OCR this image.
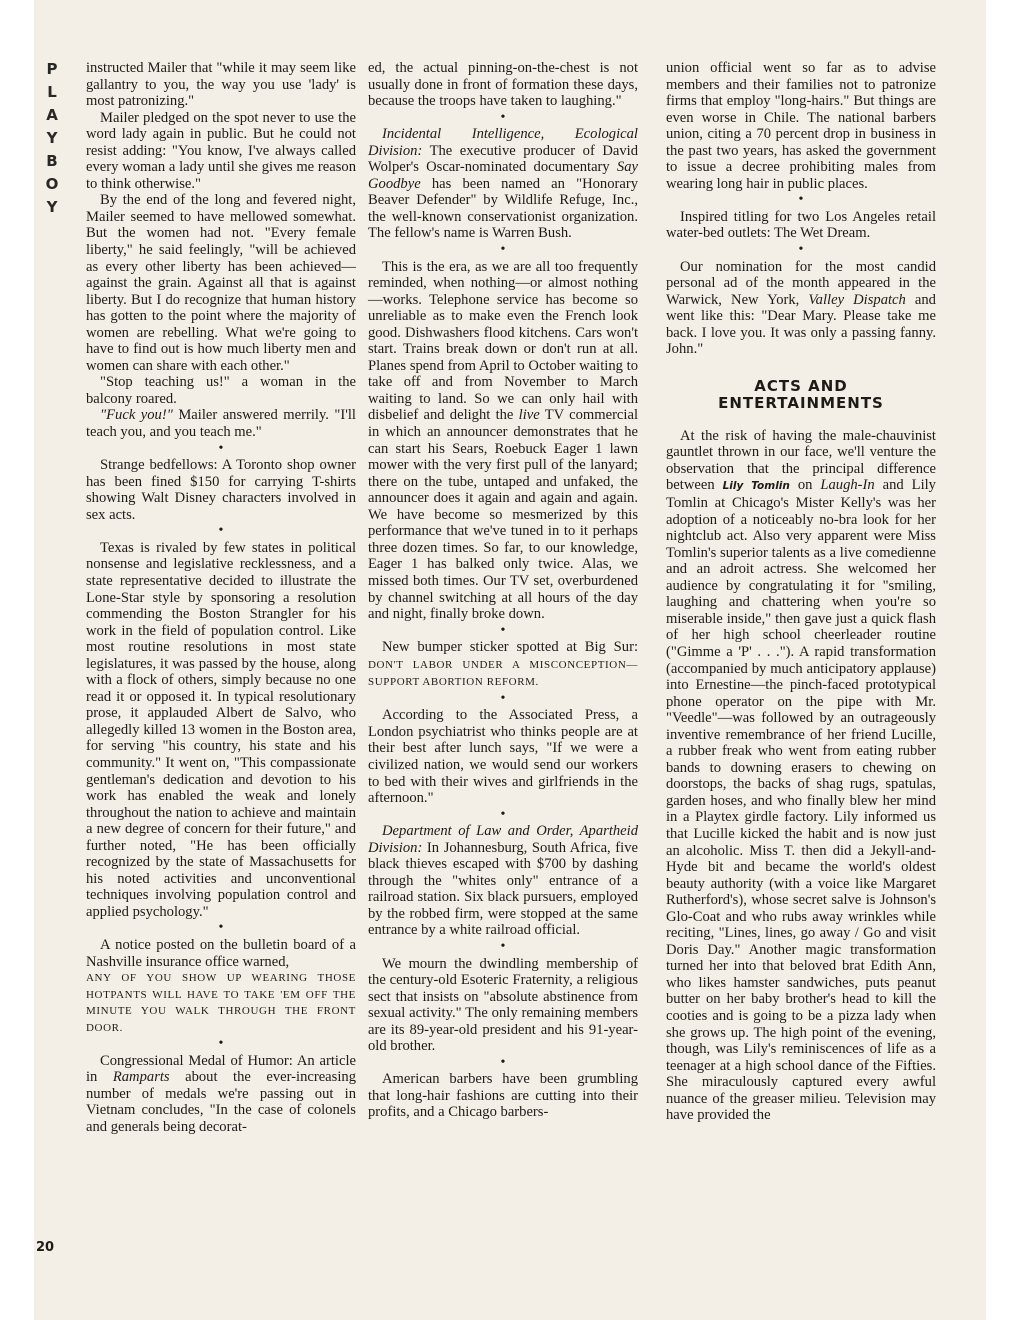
P
L
A
Y
B
O
Y
20

instructed Mailer that "while it may seem like gallantry to you, the way you use 'lady' is most patronizing."

Mailer pledged on the spot never to use the word lady again in public. But he could not resist adding: "You know, I've always called every woman a lady until she gives me reason to think otherwise."

By the end of the long and fevered night, Mailer seemed to have mellowed somewhat. But the women had not. "Every female liberty," he said feelingly, "will be achieved as every other liberty has been achieved—against the grain. Against all that is against liberty. But I do recognize that human history has gotten to the point where the majority of women are rebelling. What we're going to have to find out is how much liberty men and women can share with each other."

"Stop teaching us!" a woman in the balcony roared.

"Fuck you!" Mailer answered merrily. "I'll teach you, and you teach me."

•

Strange bedfellows: A Toronto shop owner has been fined $150 for carrying T-shirts showing Walt Disney characters involved in sex acts.

•

Texas is rivaled by few states in political nonsense and legislative recklessness, and a state representative decided to illustrate the Lone-Star style by sponsoring a resolution commending the Boston Strangler for his work in the field of population control. Like most routine resolutions in most state legislatures, it was passed by the house, along with a flock of others, simply because no one read it or opposed it. In typical resolutionary prose, it applauded Albert de Salvo, who allegedly killed 13 women in the Boston area, for serving "his country, his state and his community." It went on, "This compassionate gentleman's dedication and devotion to his work has enabled the weak and lonely throughout the nation to achieve and maintain a new degree of concern for their future," and further noted, "He has been officially recognized by the state of Massachusetts for his noted activities and unconventional techniques involving population control and applied psychology."

•

A notice posted on the bulletin board of a Nashville insurance office warned,

ANY OF YOU SHOW UP WEARING THOSE HOTPANTS WILL HAVE TO TAKE 'EM OFF THE MINUTE YOU WALK THROUGH THE FRONT DOOR.

•

Congressional Medal of Humor: An article in Ramparts about the ever-increasing number of medals we're passing out in Vietnam concludes, "In the case of colonels and generals being decorat-

ed, the actual pinning-on-the-chest is not usually done in front of formation these days, because the troops have taken to laughing."

•

Incidental Intelligence, Ecological Division: The executive producer of David Wolper's Oscar-nominated documentary Say Goodbye has been named an "Honorary Beaver Defender" by Wildlife Refuge, Inc., the well-known conservationist organization. The fellow's name is Warren Bush.

•

This is the era, as we are all too frequently reminded, when nothing—or almost nothing—works. Telephone service has become so unreliable as to make even the French look good. Dishwashers flood kitchens. Cars won't start. Trains break down or don't run at all. Planes spend from April to October waiting to take off and from November to March waiting to land. So we can only hail with disbelief and delight the live TV commercial in which an announcer demonstrates that he can start his Sears, Roebuck Eager 1 lawn mower with the very first pull of the lanyard; there on the tube, untaped and unfaked, the announcer does it again and again and again. We have become so mesmerized by this performance that we've tuned in to it perhaps three dozen times. So far, to our knowledge, Eager 1 has balked only twice. Alas, we missed both times. Our TV set, overburdened by channel switching at all hours of the day and night, finally broke down.

•

New bumper sticker spotted at Big Sur: DON'T LABOR UNDER A MISCONCEPTION—SUPPORT ABORTION REFORM.

•

According to the Associated Press, a London psychiatrist who thinks people are at their best after lunch says, "If we were a civilized nation, we would send our workers to bed with their wives and girlfriends in the afternoon."

•

Department of Law and Order, Apartheid Division: In Johannesburg, South Africa, five black thieves escaped with $700 by dashing through the "whites only" entrance of a railroad station. Six black pursuers, employed by the robbed firm, were stopped at the same entrance by a white railroad official.

•

We mourn the dwindling membership of the century-old Esoteric Fraternity, a religious sect that insists on "absolute abstinence from sexual activity." The only remaining members are its 89-year-old president and his 91-year-old brother.

•

American barbers have been grumbling that long-hair fashions are cutting into their profits, and a Chicago barbers-

union official went so far as to advise members and their families not to patronize firms that employ "long-hairs." But things are even worse in Chile. The national barbers union, citing a 70 percent drop in business in the past two years, has asked the government to issue a decree prohibiting males from wearing long hair in public places.

•

Inspired titling for two Los Angeles retail water-bed outlets: The Wet Dream.

•

Our nomination for the most candid personal ad of the month appeared in the Warwick, New York, Valley Dispatch and went like this: "Dear Mary. Please take me back. I love you. It was only a passing fanny. John."

ACTS AND
ENTERTAINMENTS

At the risk of having the male-chauvinist gauntlet thrown in our face, we'll venture the observation that the principal difference between Lily Tomlin on Laugh-In and Lily Tomlin at Chicago's Mister Kelly's was her adoption of a noticeably no-bra look for her nightclub act. Also very apparent were Miss Tomlin's superior talents as a live comedienne and an adroit actress. She welcomed her audience by congratulating it for "smiling, laughing and chattering when you're so miserable inside," then gave just a quick flash of her high school cheerleader routine ("Gimme a 'P' . . ."). A rapid transformation (accompanied by much anticipatory applause) into Ernestine—the pinch-faced prototypical phone operator on the pipe with Mr. "Veedle"—was followed by an outrageously inventive remembrance of her friend Lucille, a rubber freak who went from eating rubber bands to downing erasers to chewing on doorstops, the backs of shag rugs, spatulas, garden hoses, and who finally blew her mind in a Playtex girdle factory. Lily informed us that Lucille kicked the habit and is now just an alcoholic. Miss T. then did a Jekyll-and-Hyde bit and became the world's oldest beauty authority (with a voice like Margaret Rutherford's), whose secret salve is Johnson's Glo-Coat and who rubs away wrinkles while reciting, "Lines, lines, go away / Go and visit Doris Day." Another magic transformation turned her into that beloved brat Edith Ann, who likes hamster sandwiches, puts peanut butter on her baby brother's head to kill the cooties and is going to be a pizza lady when she grows up. The high point of the evening, though, was Lily's reminiscences of life as a teenager at a high school dance of the Fifties. She miraculously captured every awful nuance of the greaser milieu. Television may have provided the
